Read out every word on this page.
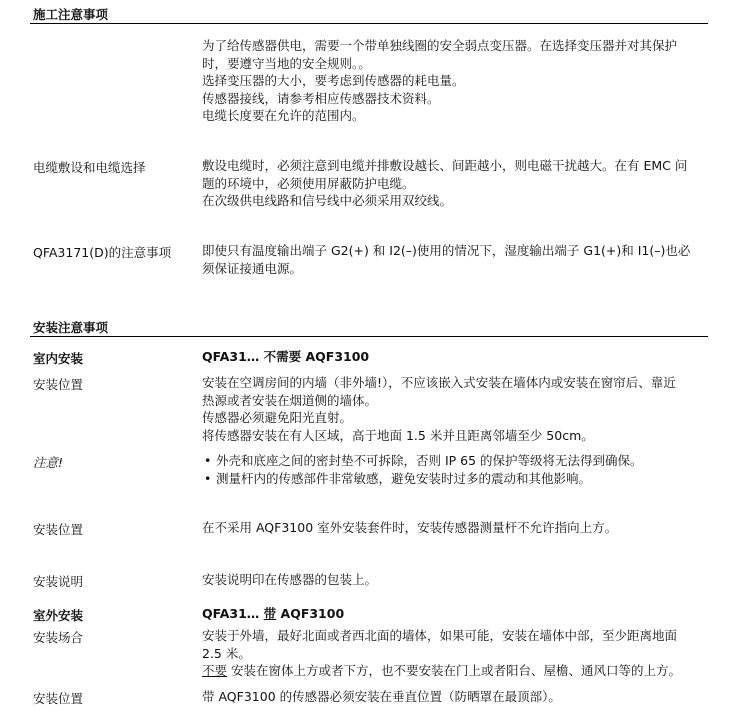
施工注意事项
为了给传感器供电，需要一个带单独线圈的安全弱点变压器。在选择变压器并对其保护
时，要遵守当地的安全规则。。
选择变压器的大小，要考虑到传感器的耗电量。
传感器接线，请参考相应传感器技术资料。
电缆长度要在允许的范围内。
电缆敷设和电缆选择	敷设电缆时，必须注意到电缆并排敷设越长、间距越小，则电磁干扰越大。在有 EMC 问
题的环境中，必须使用屏蔽防护电缆。
在次级供电线路和信号线中必须采用双绞线。
QFA3171(D)的注意事项 即使只有温度输出端子 G2(+) 和 I2(–)使用的情况下，湿度输出端子 G1(+)和 I1(–)也必
须保证接通电源。
安装注意事项
室内安装	QFA31… 不需要 AQF3100
安装位置	安装在空调房间的内墙（非外墙!），不应该嵌入式安装在墙体内或安装在窗帘后、靠近
热源或者安装在烟道侧的墙体。
传感器必须避免阳光直射。
将传感器安装在有人区域，高于地面 1.5 米并且距离邻墙至少 50cm。
注意!
•	外壳和底座之间的密封垫不可拆除，否则 IP 65 的保护等级将无法得到确保。
• 测量杆内的传感部件非常敏感，避免安装时过多的震动和其他影响。
安装位置	在不采用 AQF3100 室外安装套件时，安装传感器测量杆不允许指向上方。
安装说明	安装说明印在传感器的包装上。
室外安装	QFA31… 带 AQF3100
安装场合	安装于外墙，最好北面或者西北面的墙体，如果可能，安装在墙体中部，至少距离地面
2.5 米。
不要 安装在窗体上方或者下方，也不要安装在门上或者阳台、屋檐、通风口等的上方。
安装位置	带 AQF3100 的传感器必须安装在垂直位置（防晒罩在最顶部）。
